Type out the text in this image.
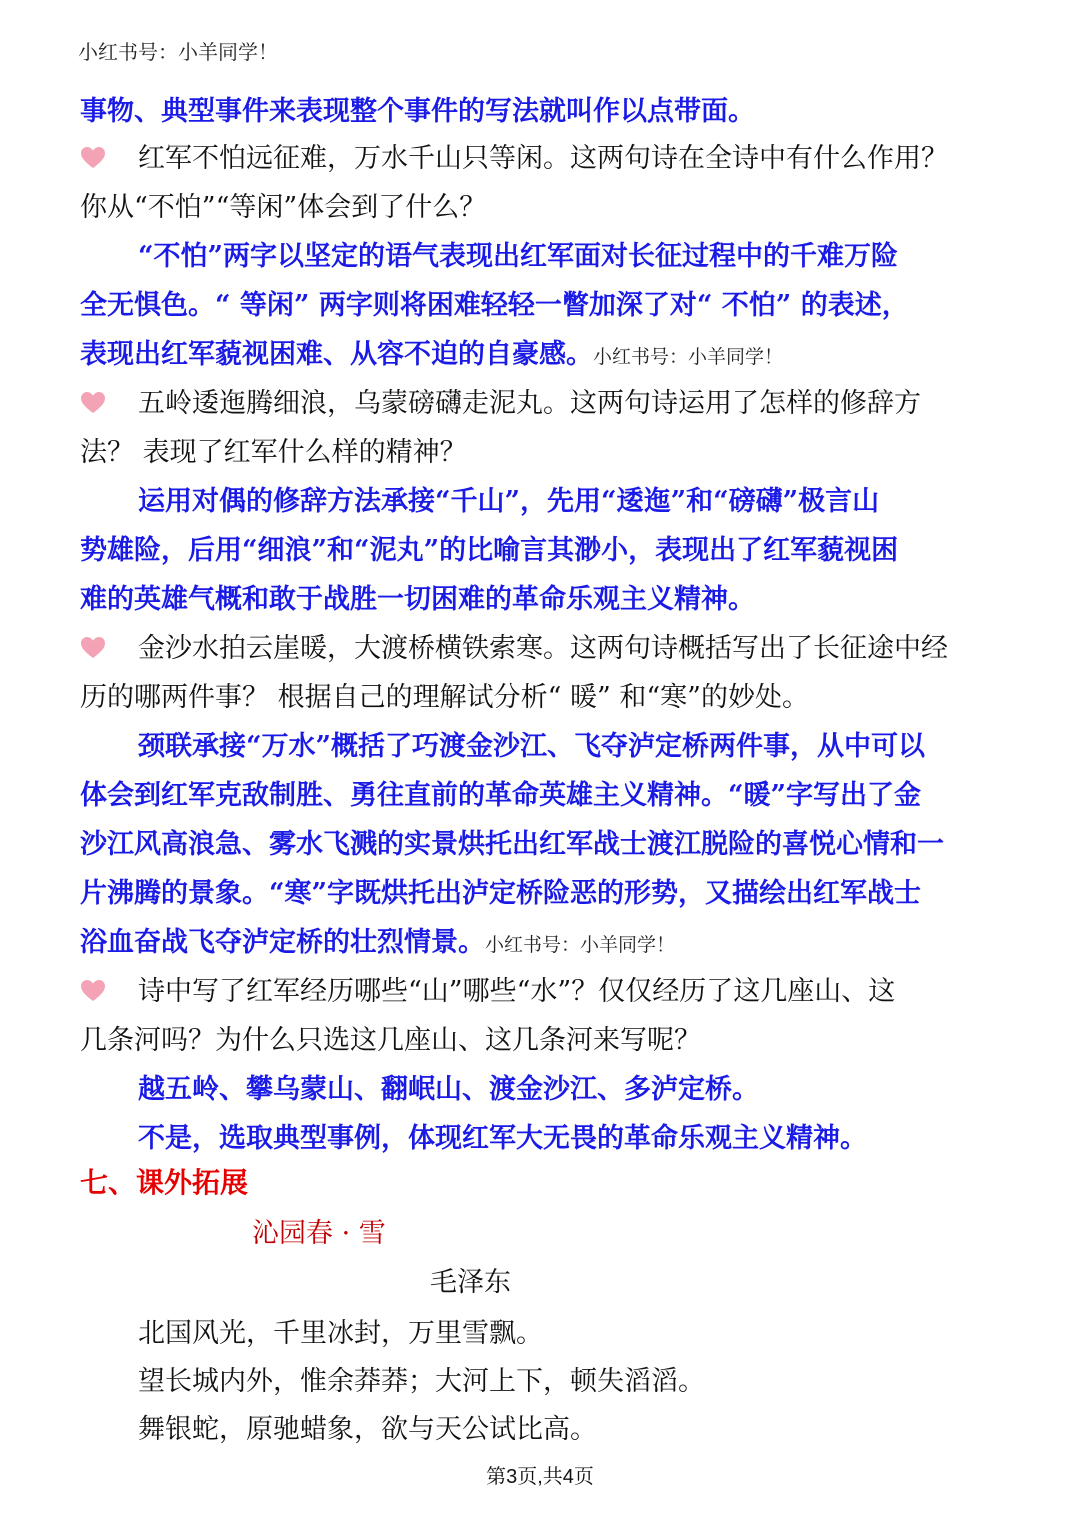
小红书号：小羊同学！
事物、典型事件来表现整个事件的写法就叫作以点带面。
红军不怕远征难，万水千山只等闲。这两句诗在全诗中有什么作用？
你从“不怕”“等闲”体会到了什么？
“不怕”两字以坚定的语气表现出红军面对长征过程中的千难万险
全无惧色。“ 等闲” 两字则将困难轻轻一瞥加深了对“ 不怕” 的表述，
表现出红军藐视困难、从容不迫的自豪感。小红书号：小羊同学！
五岭逶迤腾细浪，乌蒙磅礴走泥丸。这两句诗运用了怎样的修辞方
法？ 表现了红军什么样的精神？
运用对偶的修辞方法承接“千山”，先用“逶迤”和“磅礴”极言山
势雄险，后用“细浪”和“泥丸”的比喻言其渺小，表现出了红军藐视困
难的英雄气概和敢于战胜一切困难的革命乐观主义精神。
金沙水拍云崖暖，大渡桥横铁索寒。这两句诗概括写出了长征途中经
历的哪两件事？ 根据自己的理解试分析“ 暖” 和“寒”的妙处。
颈联承接“万水”概括了巧渡金沙江、飞夺泸定桥两件事，从中可以
体会到红军克敌制胜、勇往直前的革命英雄主义精神。“暖”字写出了金
沙江风高浪急、雾水飞溅的实景烘托出红军战士渡江脱险的喜悦心情和一
片沸腾的景象。“寒”字既烘托出泸定桥险恶的形势，又描绘出红军战士
浴血奋战飞夺泸定桥的壮烈情景。小红书号：小羊同学！
诗中写了红军经历哪些“山”哪些“水”？仅仅经历了这几座山、这
几条河吗？为什么只选这几座山、这几条河来写呢？
越五岭、攀乌蒙山、翻岷山、渡金沙江、多泸定桥。
不是，选取典型事例，体现红军大无畏的革命乐观主义精神。
七、课外拓展
沁园春 · 雪
毛泽东
北国风光，千里冰封，万里雪飘。
望长城内外，惟余莽莽；大河上下，顿失滔滔。
舞银蛇，原驰蜡象，欲与天公试比高。
第3页,共4页
